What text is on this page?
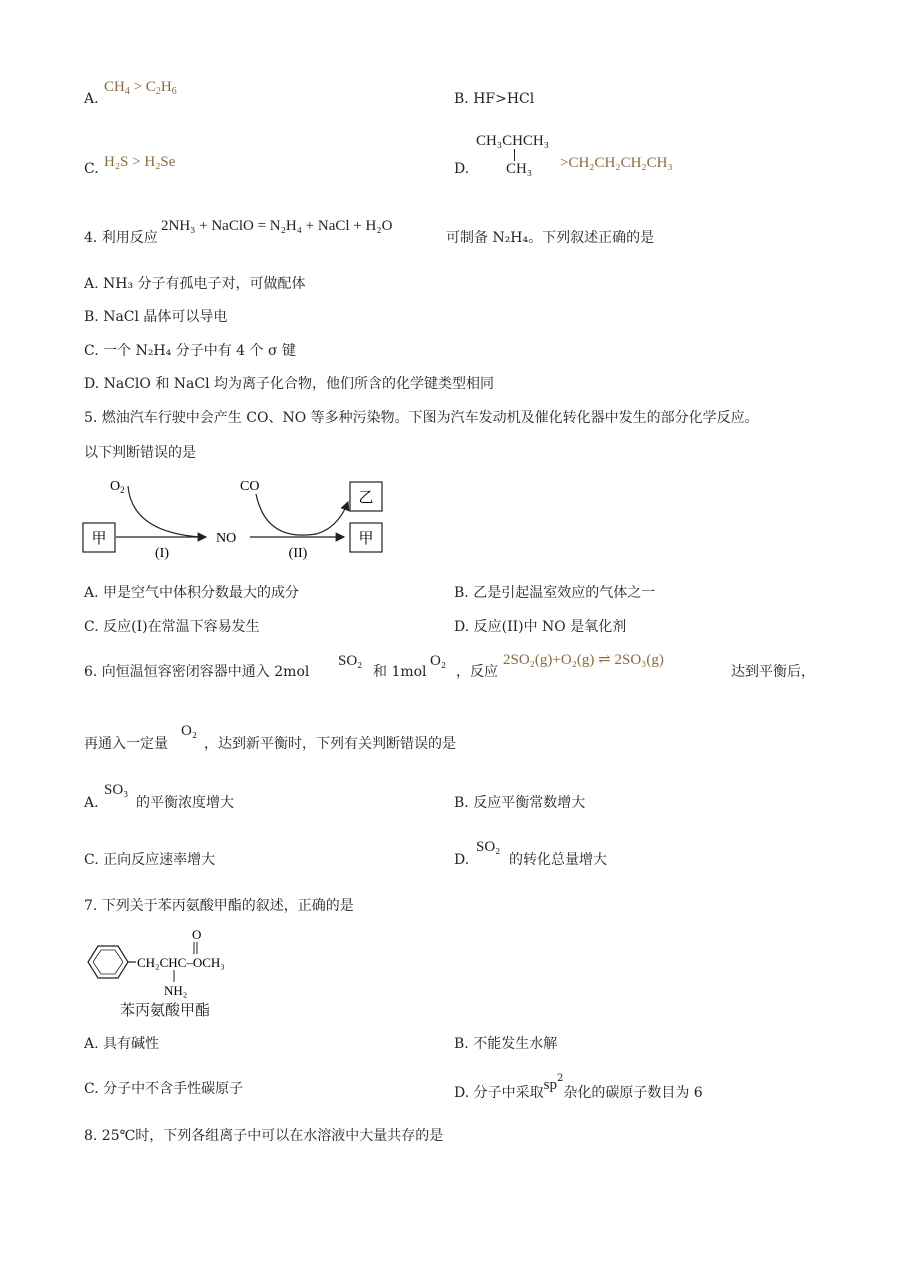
A.
$CH_4 > C_2H_6$	B. HF>HCl
C. H₂S > H₂Se	D.
CH₃CHCH₃
CH₃ >CH₂CH₂CH₂CH₃
4. 利用反应
2NH₃ + NaClO = N₂H₄ + NaCl + H₂O
可制备 N₂H₄。下列叙述正确的是
A. NH₃ 分子有孤电子对，可做配体
B. NaCl 晶体可以导电
C. 一个 N₂H₄ 分子中有 4 个 σ 键
D. NaClO 和 NaCl 均为离子化合物，他们所含的化学键类型相同
5. 燃油汽车行驶中会产生 CO、NO 等多种污染物。下图为汽车发动机及催化转化器中发生的部分化学反应。
以下判断错误的是
甲
$O_2$
(I)
NO
(II)
CO
乙
甲
A. 甲是空气中体积分数最大的成分	B. 乙是引起温室效应的气体之一
C. 反应(I)在常温下容易发生	D. 反应(II)中 NO 是氧化剂
6. 向恒温恒容密闭容器中通入 2mol
SO₂
和 1mol
O₂
，反应
2SO₂(g)+O₂(g) ⇌ 2SO₃(g)
达到平衡后，
再通入一定量
O₂
，达到新平衡时，下列有关判断错误的是
A.
SO₃
的平衡浓度增大	B. 反应平衡常数增大
C. 正向反应速率增大	D.
SO₂
的转化总量增大
7. 下列关于苯丙氨酸甲酯的叙述，正确的是
O
CH₂CHC–OCH₃
NH₂
苯丙氨酸甲酯
A. 具有碱性	B. 不能发生水解
C. 分子中不含手性碳原子	D. 分子中采取$sp^2$杂化的碳原子数目为 6
8. 25℃时，下列各组离子中可以在水溶液中大量共存的是
